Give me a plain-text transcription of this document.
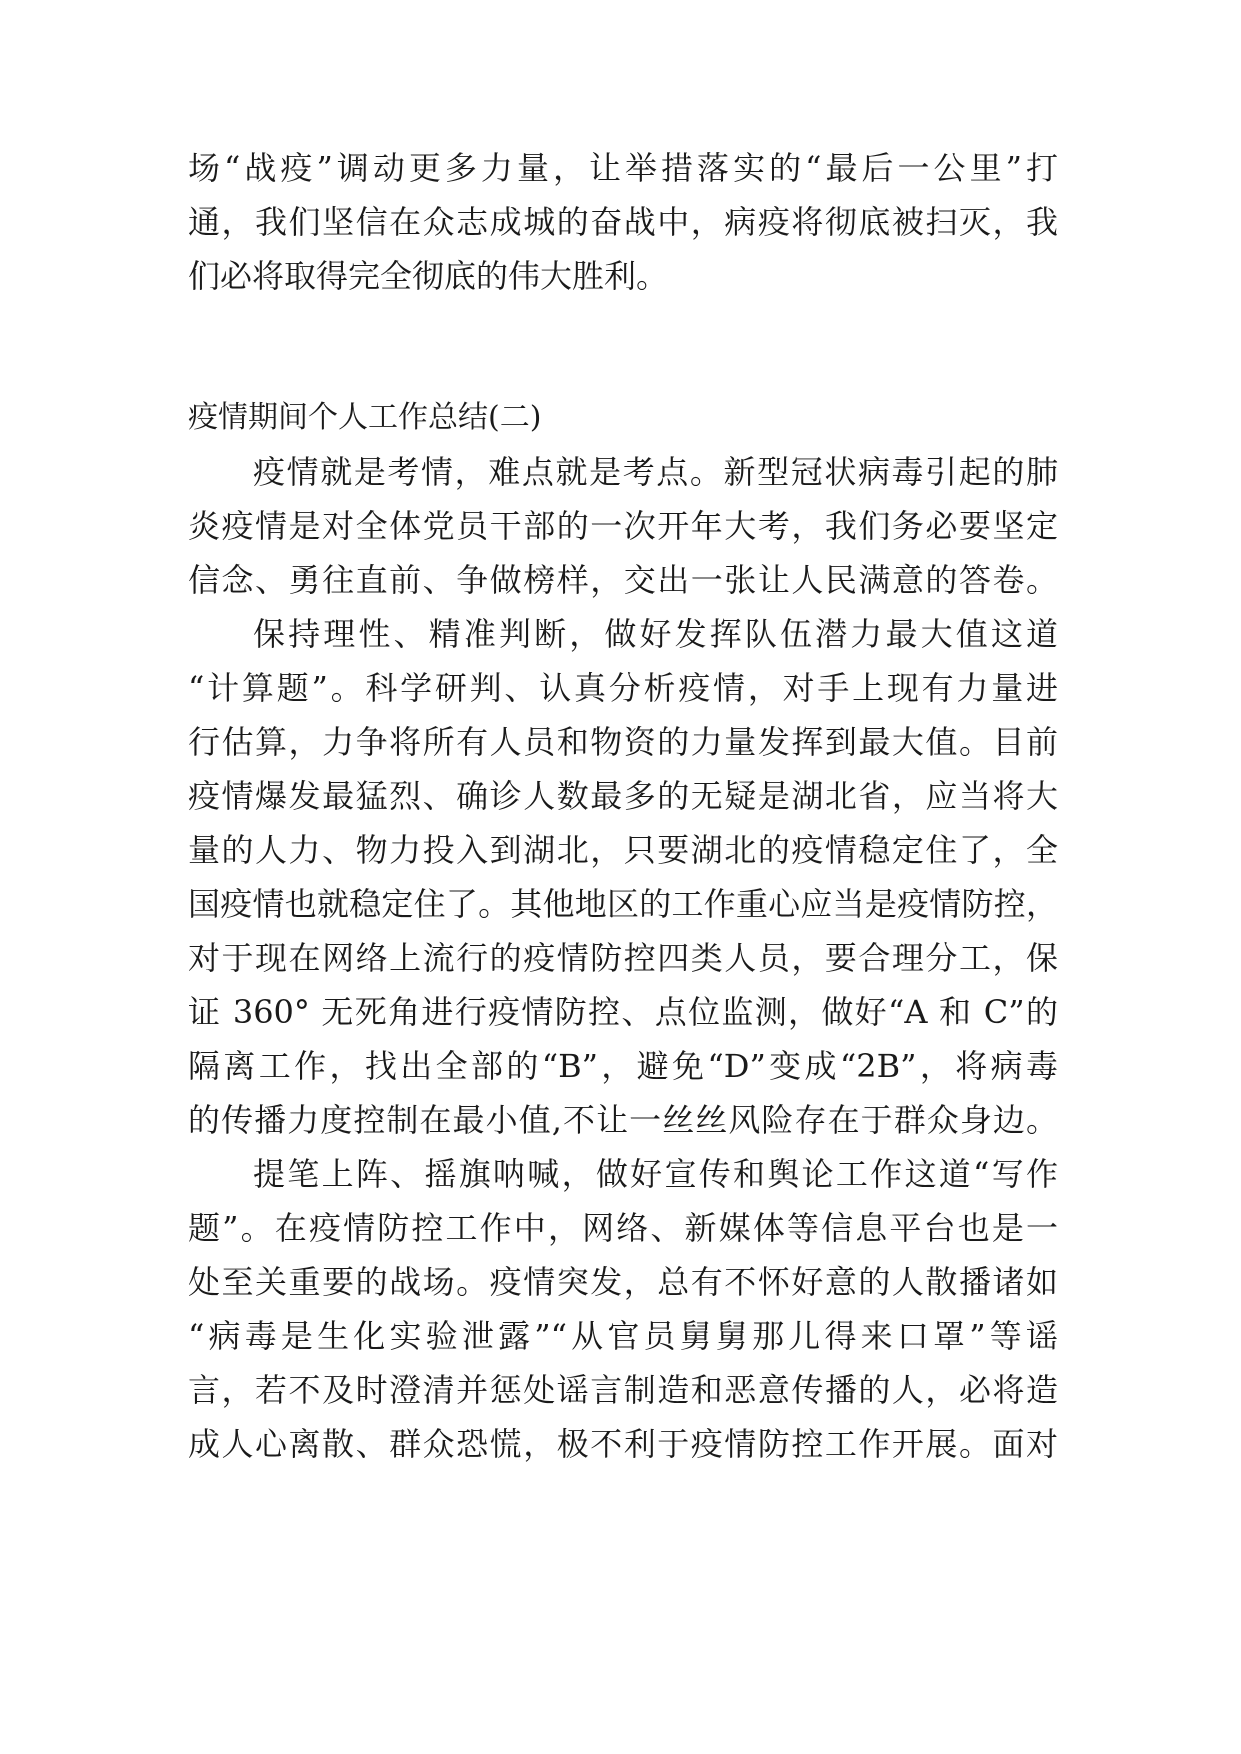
场“战疫”调动更多力量，让举措落实的“最后一公里”打
通，我们坚信在众志成城的奋战中，病疫将彻底被扫灭，我
们必将取得完全彻底的伟大胜利。
疫情期间个人工作总结(二)
疫情就是考情，难点就是考点。新型冠状病毒引起的肺
炎疫情是对全体党员干部的一次开年大考，我们务必要坚定
信念、勇往直前、争做榜样，交出一张让人民满意的答卷。
保持理性、精准判断，做好发挥队伍潜力最大值这道
“计算题”。科学研判、认真分析疫情，对手上现有力量进
行估算，力争将所有人员和物资的力量发挥到最大值。目前
疫情爆发最猛烈、确诊人数最多的无疑是湖北省，应当将大
量的人力、物力投入到湖北，只要湖北的疫情稳定住了，全
国疫情也就稳定住了。其他地区的工作重心应当是疫情防控，
对于现在网络上流行的疫情防控四类人员，要合理分工，保
证 360° 无死角进行疫情防控、点位监测，做好“A 和 C”的
隔离工作，找出全部的“B”，避免“D”变成“2B”，将病毒
的传播力度控制在最小值,不让一丝丝风险存在于群众身边。
提笔上阵、摇旗呐喊，做好宣传和舆论工作这道“写作
题”。在疫情防控工作中，网络、新媒体等信息平台也是一
处至关重要的战场。疫情突发，总有不怀好意的人散播诸如
“病毒是生化实验泄露”“从官员舅舅那儿得来口罩”等谣
言，若不及时澄清并惩处谣言制造和恶意传播的人，必将造
成人心离散、群众恐慌，极不利于疫情防控工作开展。面对
